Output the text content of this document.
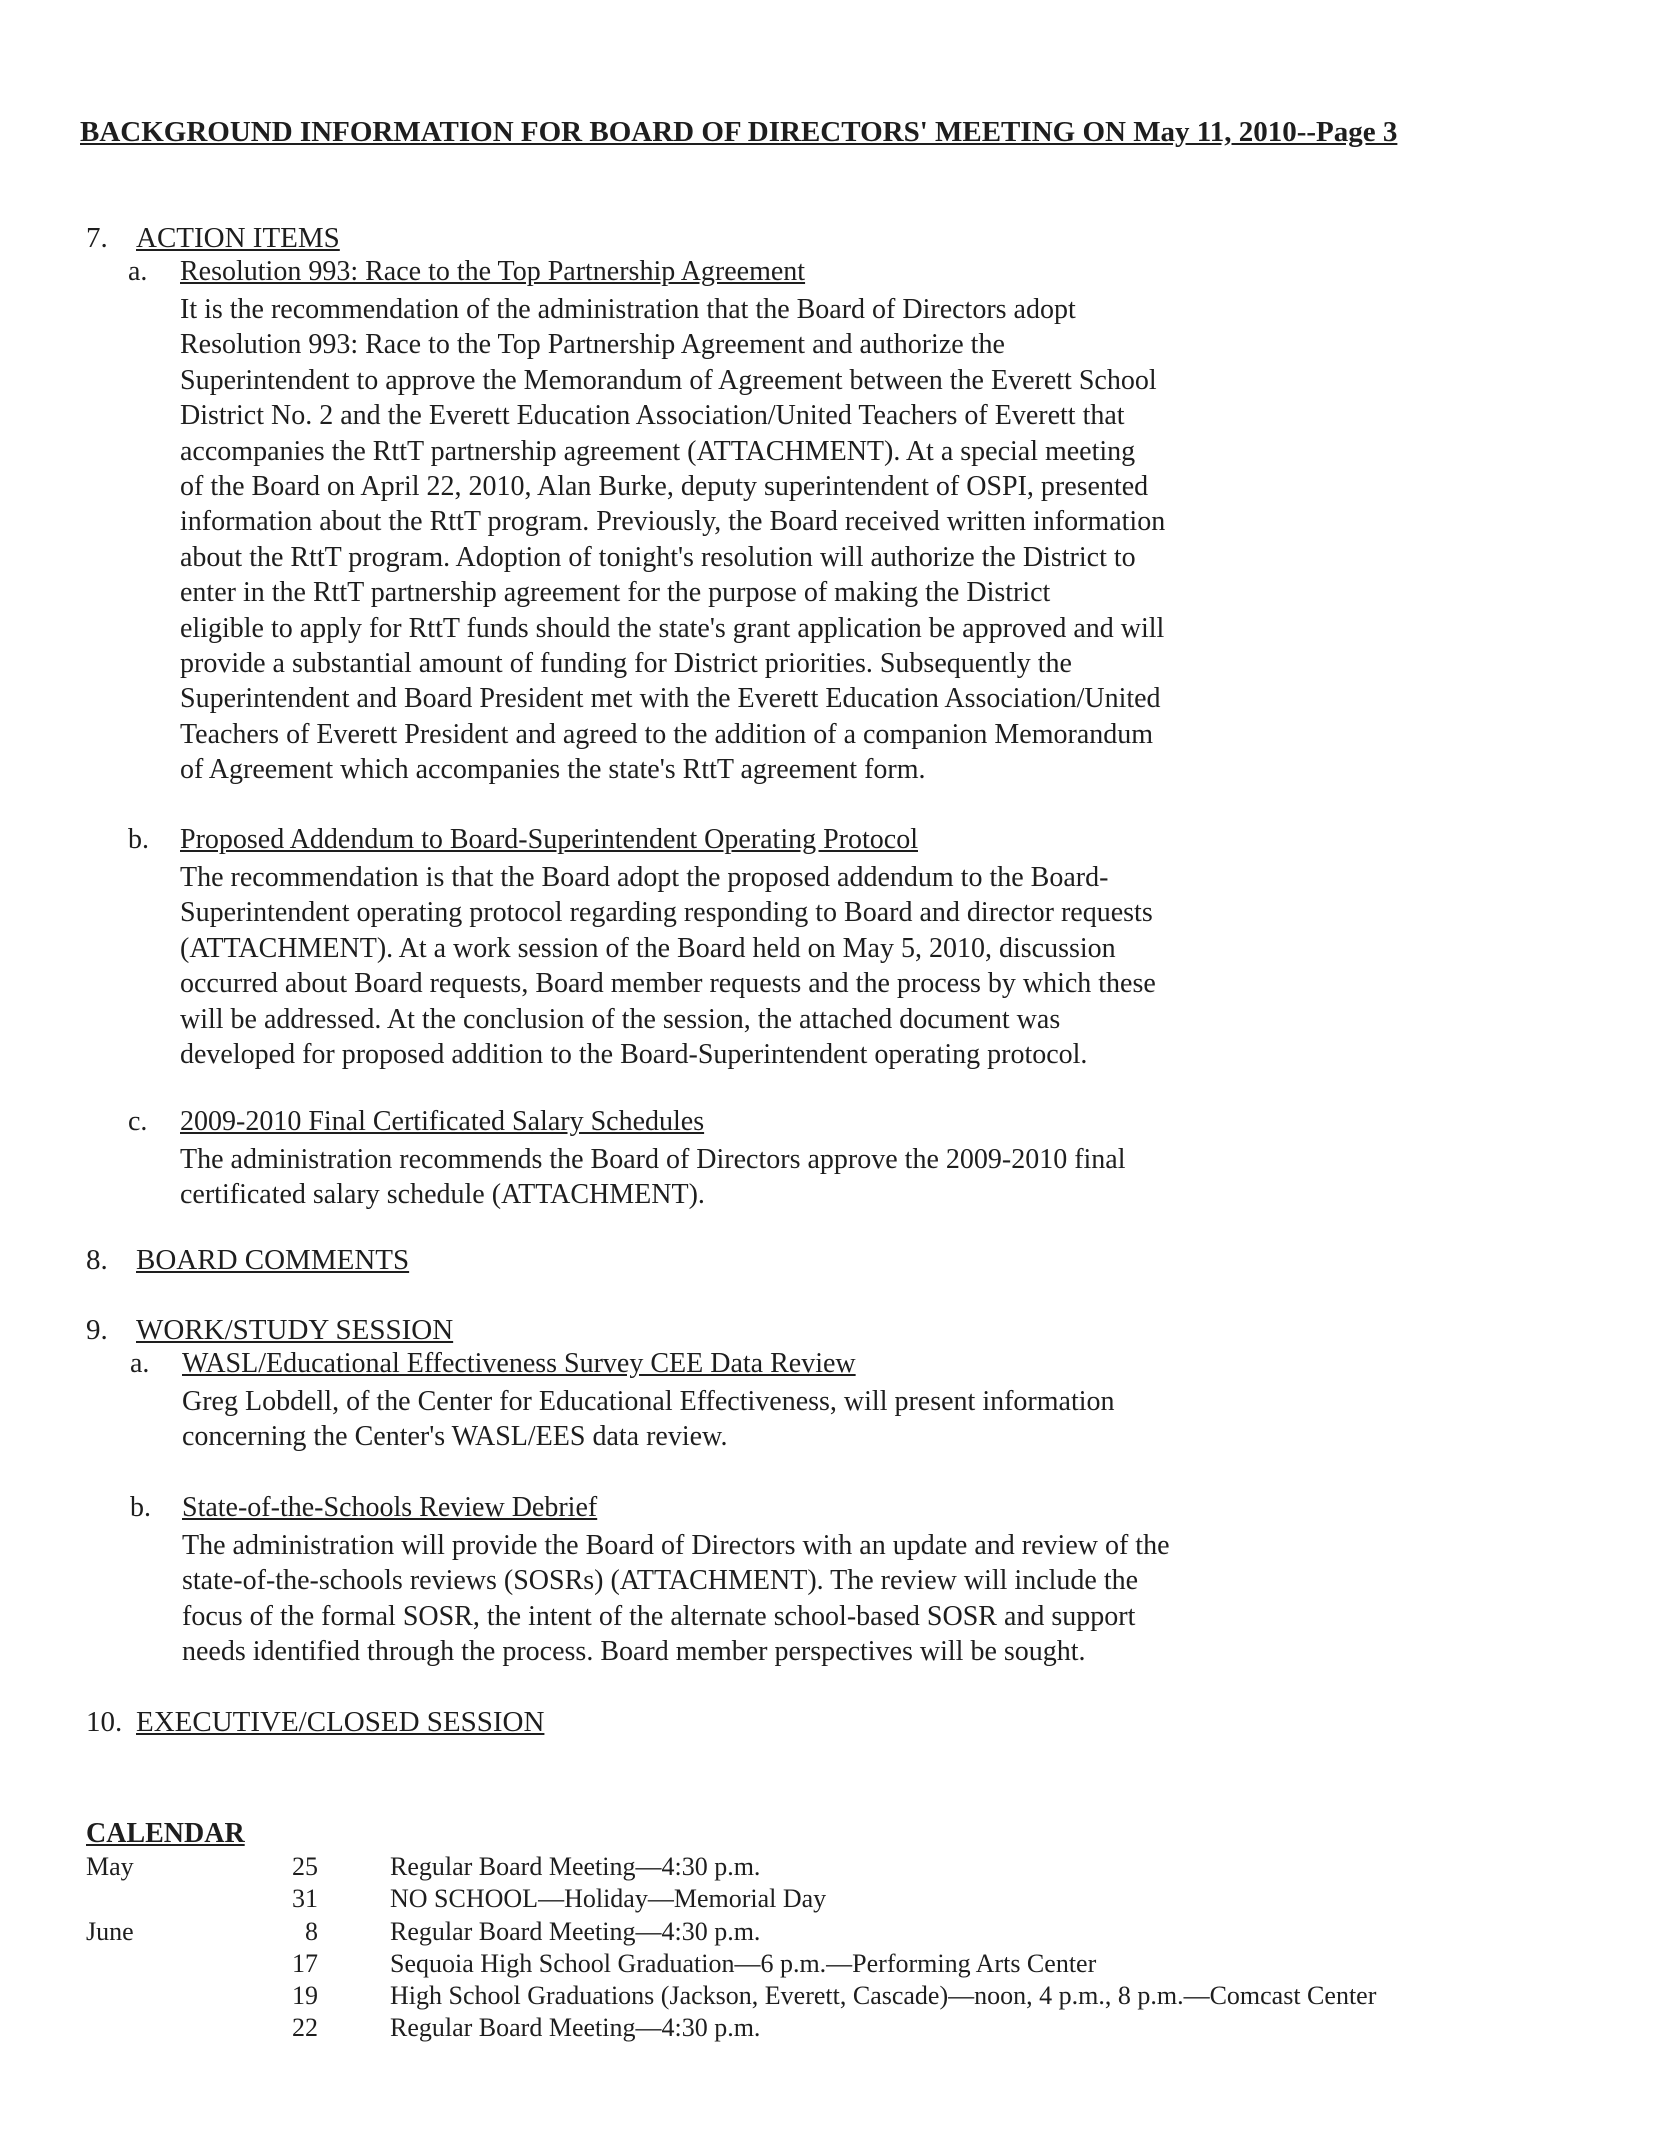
BACKGROUND INFORMATION FOR BOARD OF DIRECTORS' MEETING ON May 11, 2010--Page 3
7. ACTION ITEMS
a. Resolution 993: Race to the Top Partnership Agreement
It is the recommendation of the administration that the Board of Directors adopt
Resolution 993: Race to the Top Partnership Agreement and authorize the
Superintendent to approve the Memorandum of Agreement between the Everett School
District No. 2 and the Everett Education Association/United Teachers of Everett that
accompanies the RttT partnership agreement (ATTACHMENT). At a special meeting
of the Board on April 22, 2010, Alan Burke, deputy superintendent of OSPI, presented
information about the RttT program. Previously, the Board received written information
about the RttT program. Adoption of tonight's resolution will authorize the District to
enter in the RttT partnership agreement for the purpose of making the District
eligible to apply for RttT funds should the state's grant application be approved and will
provide a substantial amount of funding for District priorities. Subsequently the
Superintendent and Board President met with the Everett Education Association/United
Teachers of Everett President and agreed to the addition of a companion Memorandum
of Agreement which accompanies the state's RttT agreement form.
b. Proposed Addendum to Board-Superintendent Operating Protocol
The recommendation is that the Board adopt the proposed addendum to the Board-
Superintendent operating protocol regarding responding to Board and director requests
(ATTACHMENT). At a work session of the Board held on May 5, 2010, discussion
occurred about Board requests, Board member requests and the process by which these
will be addressed. At the conclusion of the session, the attached document was
developed for proposed addition to the Board-Superintendent operating protocol.
c. 2009-2010 Final Certificated Salary Schedules
The administration recommends the Board of Directors approve the 2009-2010 final
certificated salary schedule (ATTACHMENT).
8. BOARD COMMENTS
9. WORK/STUDY SESSION
a. WASL/Educational Effectiveness Survey CEE Data Review
Greg Lobdell, of the Center for Educational Effectiveness, will present information
concerning the Center's WASL/EES data review.
b. State-of-the-Schools Review Debrief
The administration will provide the Board of Directors with an update and review of the
state-of-the-schools reviews (SOSRs) (ATTACHMENT). The review will include the
focus of the formal SOSR, the intent of the alternate school-based SOSR and support
needs identified through the process. Board member perspectives will be sought.
10. EXECUTIVE/CLOSED SESSION
CALENDAR
May	25	Regular Board Meeting—4:30 p.m.
31	NO SCHOOL—Holiday—Memorial Day
June	8	Regular Board Meeting—4:30 p.m.
17	Sequoia High School Graduation—6 p.m.—Performing Arts Center
19	High School Graduations (Jackson, Everett, Cascade)—noon, 4 p.m., 8 p.m.—Comcast Center
22	Regular Board Meeting—4:30 p.m.
